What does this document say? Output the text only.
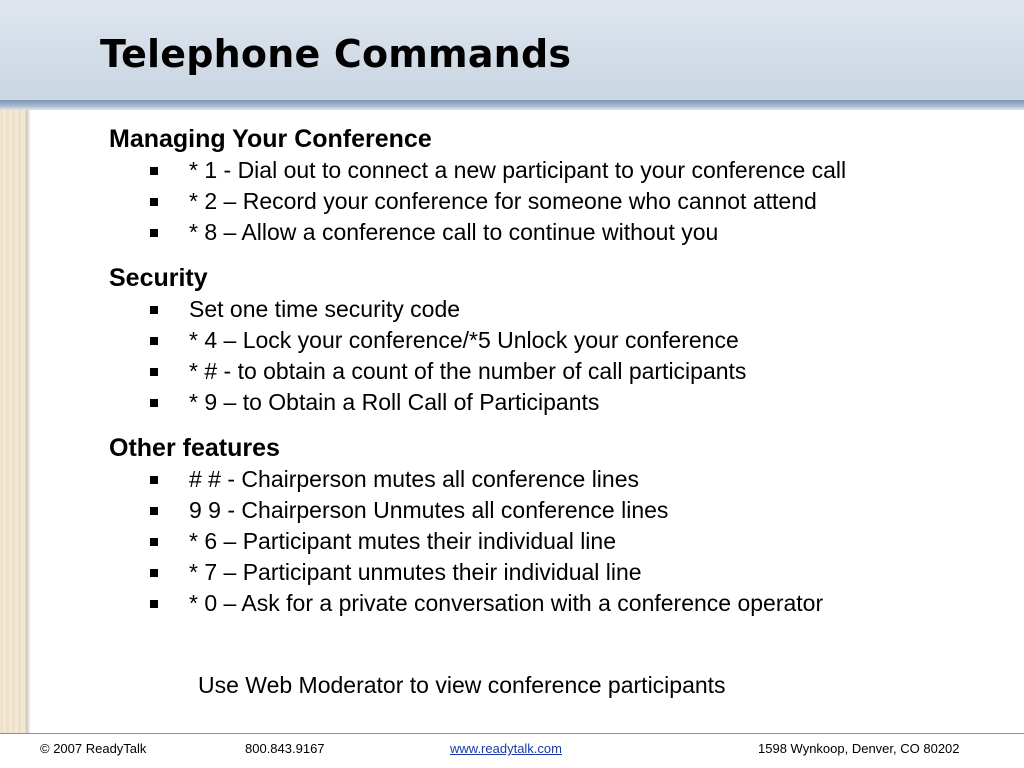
Telephone Commands
Managing Your Conference
* 1 - Dial out to connect a new participant to your conference call
* 2 – Record your conference for someone who cannot attend
* 8 – Allow a conference call to continue without you
Security
Set one time security code
* 4 – Lock your conference/*5 Unlock your conference
* # - to obtain a count of the number of call participants
* 9 – to Obtain a Roll Call of Participants
Other features
# # - Chairperson mutes all conference lines
9 9 - Chairperson Unmutes all conference lines
* 6 – Participant mutes their individual line
* 7 – Participant unmutes their individual line
* 0 – Ask for a private conversation with a conference operator
Use Web Moderator to view conference participants
© 2007 ReadyTalk	800.843.9167	www.readytalk.com	1598 Wynkoop, Denver, CO 80202
